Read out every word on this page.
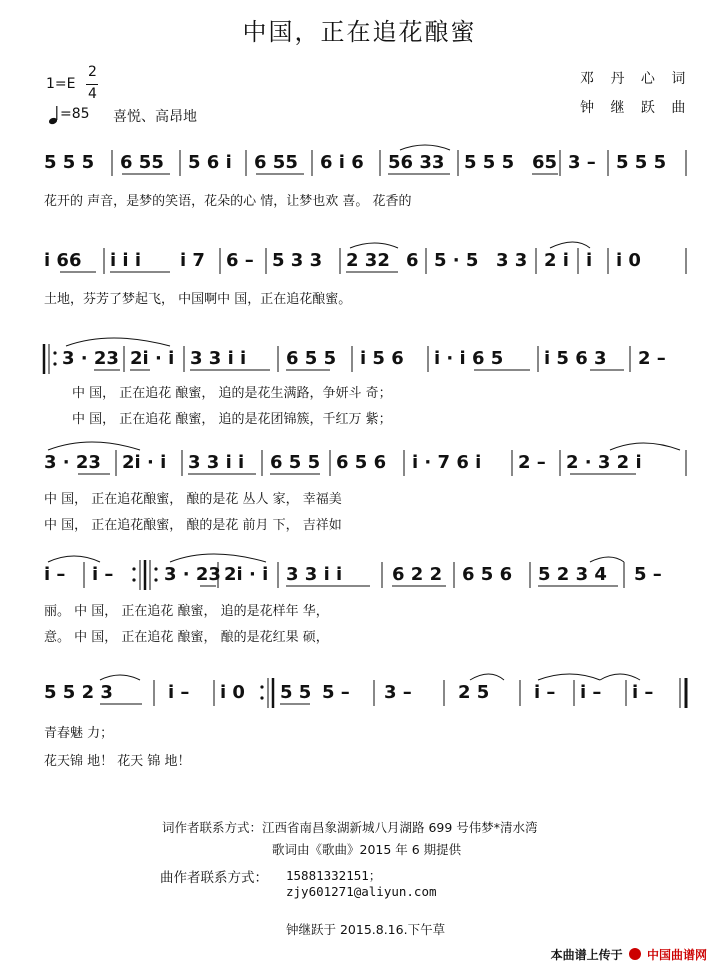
中国，正在追花酿蜜
1=E
2
4
=85 喜悦、高昂地
邓 丹 心 词
钟 继 跃 曲
5 5 5 6 55 5 6 i 6 55 6 i 6 56 33 5 5 5 65 3 – 5 5 5
花开的 声音，是梦的笑语，花朵的心 情，让梦也欢 喜。 花香的
i 66 i i i i 7 6 – 5 3 3 2 32 6 5 · 5 3 3 2 i i i 0
土地，芬芳了梦起飞， 中国啊中 国，正在追花酿蜜。
3 · 23 2i · i 3 3 i i 6 5 5 i 5 6 i · i 6 5 i 5 6 3 2 –
中 国， 正在追花 酿蜜， 追的是花生满路，争妍斗 奇；
中 国， 正在追花 酿蜜， 追的是花团锦簇，千红万 紫；
3 · 23 2i · i 3 3 i i 6 5 5 6 5 6 i · 7 6 i 2 – 2 · 3 2 i
中 国， 正在追花酿蜜， 酿的是花 丛人 家， 幸福美
中 国， 正在追花酿蜜， 酿的是花 前月 下， 吉祥如
i – i –	3 · 23 2i · i 3 3 i i	6 2 2 6 5 6 5 2 3 4 5 –
丽。 中 国， 正在追花 酿蜜， 追的是花样年 华，
意。 中 国， 正在追花 酿蜜， 酿的是花红果 硕，
5 5 2 3	i – i 0 5 5 5 – 3 –	2 5 i – i – i –
青春魅 力；
花天锦 地！ 花天 锦 地！
词作者联系方式：江西省南昌象湖新城八月湖路 699 号伟梦*清水湾
歌词由《歌曲》2015 年 6 期提供
曲作者联系方式：	15881332151；
zjy601271@aliyun.com
钟继跃于 2015.8.16.下午草
本曲谱上传于 中国曲谱网
